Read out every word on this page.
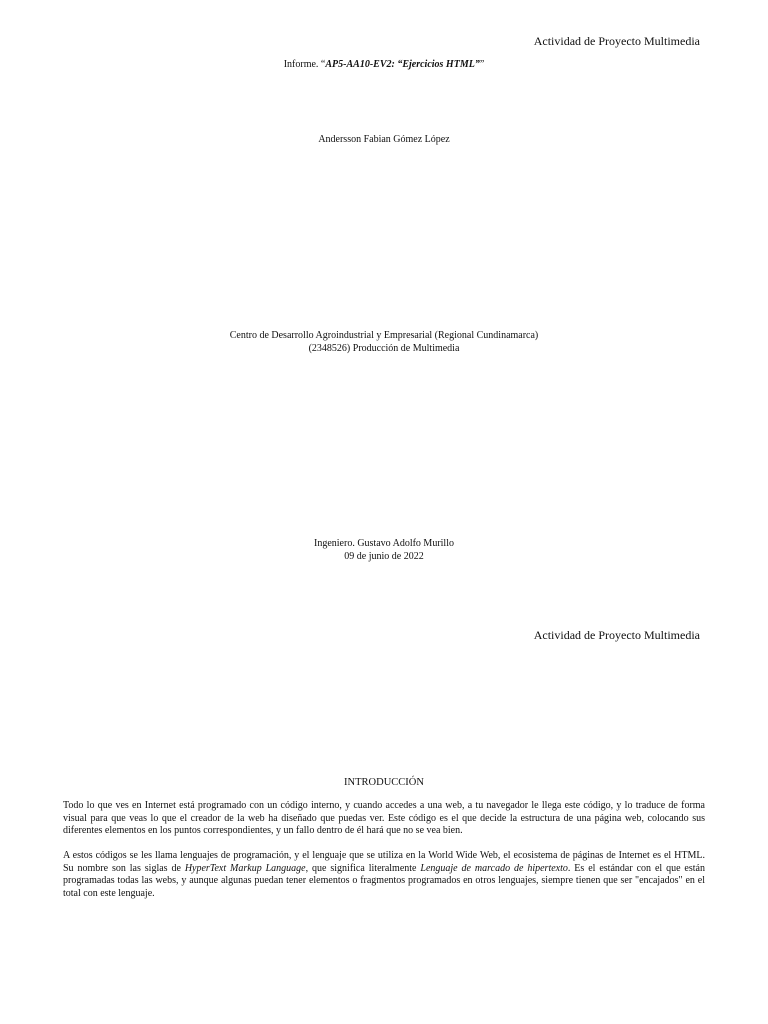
Actividad de Proyecto Multimedia
Informe. “AP5-AA10-EV2: “Ejercicios HTML””
Andersson Fabian Gómez López
Centro de Desarrollo Agroindustrial y Empresarial (Regional Cundinamarca)
(2348526) Producción de Multimedia
Ingeniero. Gustavo Adolfo Murillo
09 de junio de 2022
Actividad de Proyecto Multimedia
INTRODUCCIÓN

Todo lo que ves en Internet está programado con un código interno, y cuando accedes a una web, a tu navegador le llega este código, y lo traduce de forma visual para que veas lo que el creador de la web ha diseñado que puedas ver. Este código es el que decide la estructura de una página web, colocando sus diferentes elementos en los puntos correspondientes, y un fallo dentro de él hará que no se vea bien.

A estos códigos se les llama lenguajes de programación, y el lenguaje que se utiliza en la World Wide Web, el ecosistema de páginas de Internet es el HTML. Su nombre son las siglas de HyperText Markup Language, que significa literalmente Lenguaje de marcado de hipertexto. Es el estándar con el que están programadas todas las webs, y aunque algunas puedan tener elementos o fragmentos programados en otros lenguajes, siempre tienen que ser "encajados" en el total con este lenguaje.
